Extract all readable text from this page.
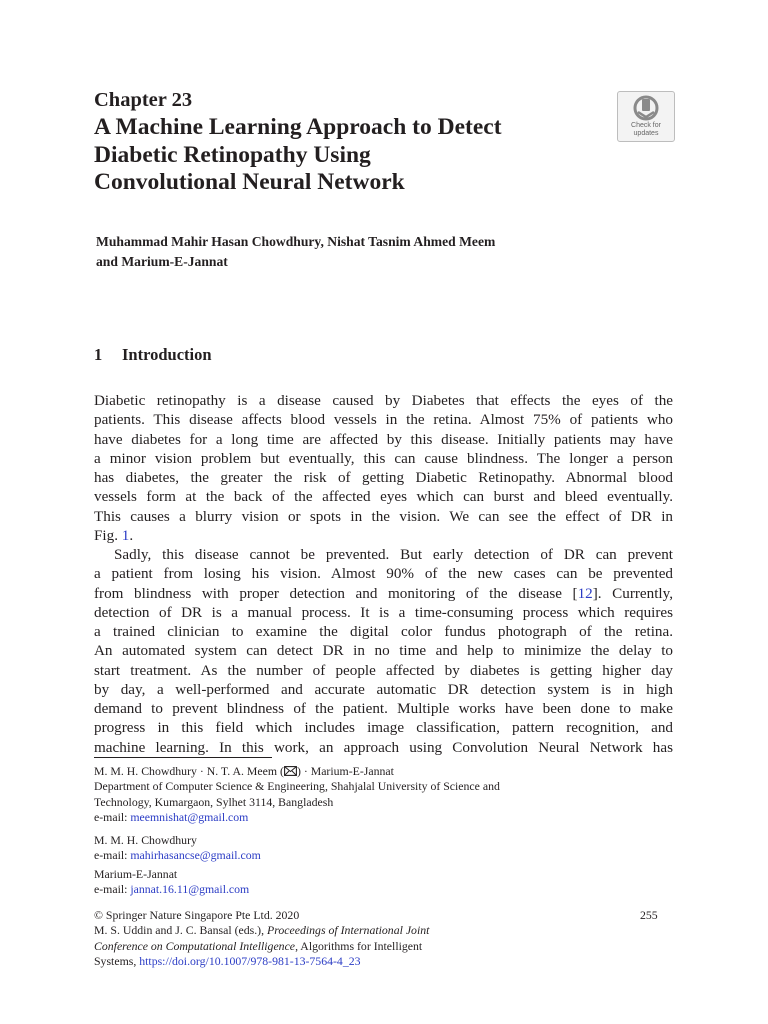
Chapter 23
A Machine Learning Approach to Detect
Diabetic Retinopathy Using
Convolutional Neural Network
Check for
updates
Muhammad Mahir Hasan Chowdhury, Nishat Tasnim Ahmed Meem
and Marium-E-Jannat
1 Introduction
Diabetic retinopathy is a disease caused by Diabetes that effects the eyes of the
patients. This disease affects blood vessels in the retina. Almost 75% of patients who
have diabetes for a long time are affected by this disease. Initially patients may have
a minor vision problem but eventually, this can cause blindness. The longer a person
has diabetes, the greater the risk of getting Diabetic Retinopathy. Abnormal blood
vessels form at the back of the affected eyes which can burst and bleed eventually.
This causes a blurry vision or spots in the vision. We can see the effect of DR in
Fig. 1.
Sadly, this disease cannot be prevented. But early detection of DR can prevent
a patient from losing his vision. Almost 90% of the new cases can be prevented
from blindness with proper detection and monitoring of the disease [12]. Currently,
detection of DR is a manual process. It is a time-consuming process which requires
a trained clinician to examine the digital color fundus photograph of the retina.
An automated system can detect DR in no time and help to minimize the delay to
start treatment. As the number of people affected by diabetes is getting higher day
by day, a well-performed and accurate automatic DR detection system is in high
demand to prevent blindness of the patient. Multiple works have been done to make
progress in this field which includes image classification, pattern recognition, and
machine learning. In this work, an approach using Convolution Neural Network has
M. M. H. Chowdhury · N. T. A. Meem ( ) · Marium-E-Jannat
Department of Computer Science & Engineering, Shahjalal University of Science and
Technology, Kumargaon, Sylhet 3114, Bangladesh
e-mail: meemnishat@gmail.com
M. M. H. Chowdhury
e-mail: mahirhasancse@gmail.com
Marium-E-Jannat
e-mail: jannat.16.11@gmail.com
© Springer Nature Singapore Pte Ltd. 2020
M. S. Uddin and J. C. Bansal (eds.), Proceedings of International Joint
Conference on Computational Intelligence, Algorithms for Intelligent
Systems, https://doi.org/10.1007/978-981-13-7564-4_23
255
